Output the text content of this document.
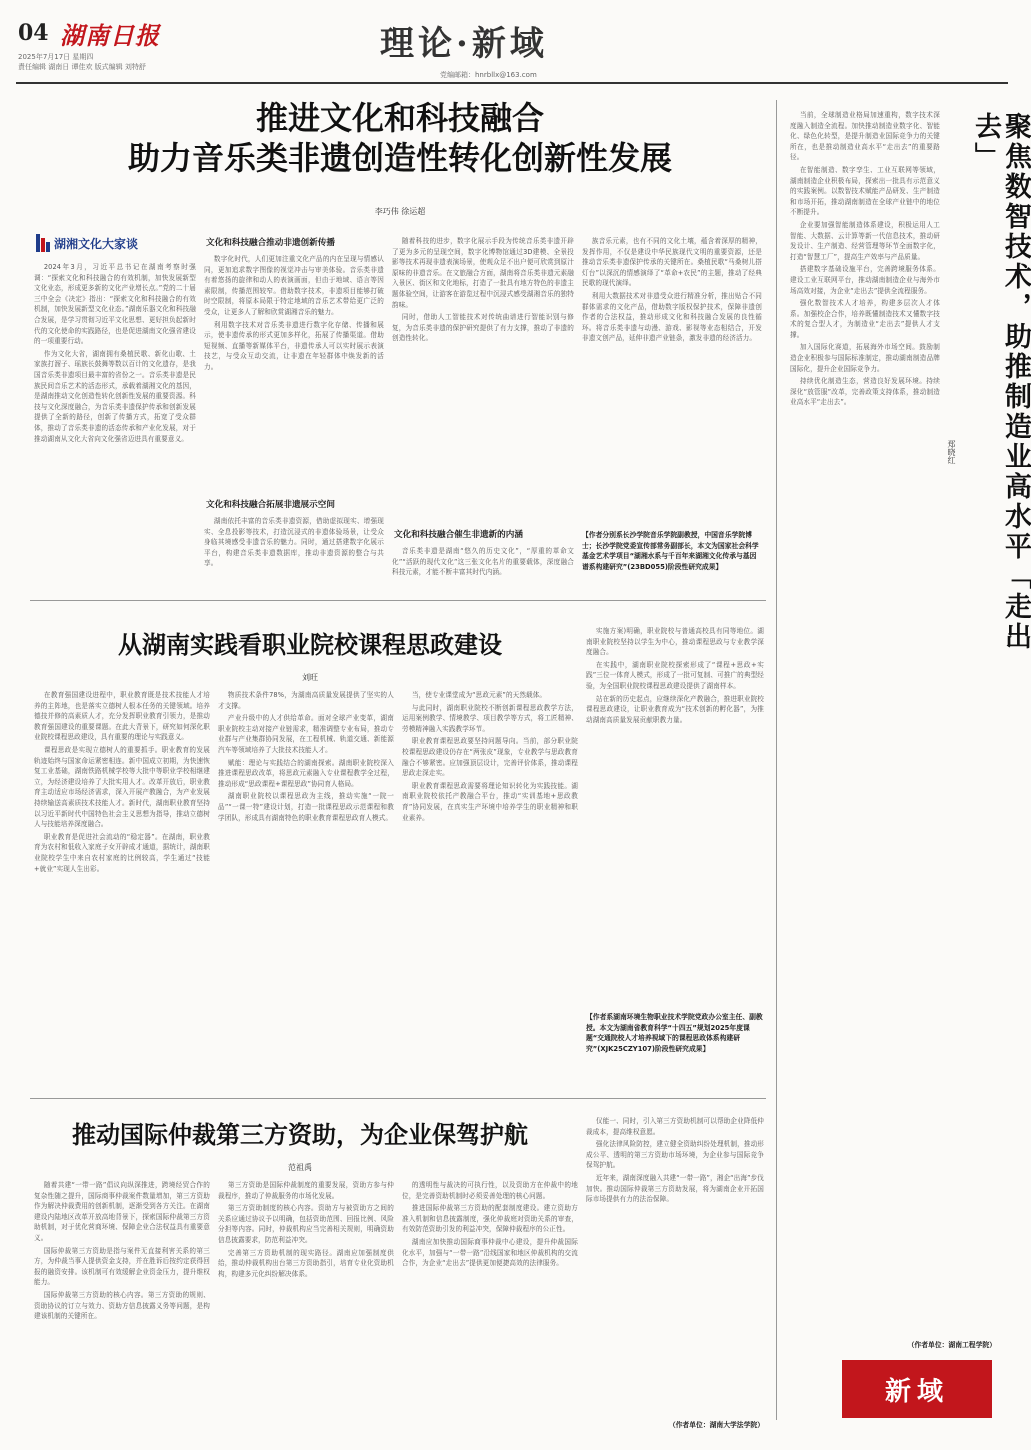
04 湖南日报
2025年7月17日 星期四
責任编辑 湖南日 谭佳欢 版式编辑 刘特舒
理论·新域
党编邮箱：hnrbllx@163.com
推进文化和科技融合
助力音乐类非遗创造性转化创新性发展
李巧伟 徐运超
湖湘文化大家谈

2024年3月，习近平总书记在湖南考察时强调：“探索文化和科技融合的有效机制，加快发展新型文化业态，形成更多新的文化产业增长点。”党的二十届三中全会《决定》指出：“探索文化和科技融合的有效机制，加快发展新型文化业态。”湖南乐器文化和科技融合发展，是学习贯彻习近平文化思想、更好担负起新时代的文化使命的实践路径，也是促进湖南文化强省建设的一项重要行动。

作为文化大省，湖南拥有桑植民歌、新化山歌、土家族打溜子、瑶族长鼓舞等数以百计的文化遗存，是我国音乐类非遗项目最丰富的省份之一。音乐类非遗是民族民间音乐艺术的活态形式，承载着湖湘文化的基因，是湖南推动文化创造性转化创新性发展的重要资源。科技与文化深度融合，为音乐类非遗保护传承和创新发展提供了全新的路径，创新了传播方式，拓宽了受众群体，推动了音乐类非遗的活态传承和产业化发展，对于推动湖南从文化大省向文化强省迈进具有重要意义。

文化和科技融合推动非遗创新传播

数字化时代，人们更加注重文化产品的内在呈现与情感认同，更加追求数字图像的视觉冲击与审美体验。音乐类非遗有着悠扬的旋律和动人的表演画面，但由于地域、语言等因素限制，传播范围较窄。借助数字技术，非遗项目能够打破时空限制，将原本局限于特定地域的音乐艺术带给更广泛的受众，让更多人了解和欣赏湖湘音乐的魅力。

利用数字技术对音乐类非遗进行数字化存储、传播和展示，使非遗传承的形式更加多样化，拓展了传播渠道。借助短视频、直播等新媒体平台，非遗传承人可以实时展示表演技艺，与受众互动交流，让非遗在年轻群体中焕发新的活力。

文化和科技融合拓展非遗展示空间

湖南依托丰富的音乐类非遗资源，借助虚拟现实、增强现实、全息投影等技术，打造沉浸式的非遗体验场景，让受众身临其境感受非遗音乐的魅力。同时，通过搭建数字化展示平台，构建音乐类非遗数据库，推动非遗资源的整合与共享。

随着科技的进步，数字化展示手段为传统音乐类非遗开辟了更为多元的呈现空间，数字化博物馆通过3D建模、全景投影等技术再现非遗表演场景，使观众足不出户便可欣赏到原汁原味的非遗音乐。在文旅融合方面，湖南将音乐类非遗元素融入景区、街区和文化地标，打造了一批具有地方特色的非遗主题体验空间，让游客在游览过程中沉浸式感受湖湘音乐的独特韵味。

同时，借助人工智能技术对传统曲谱进行智能识别与修复，为音乐类非遗的保护研究提供了有力支撑，推动了非遗的创造性转化。

文化和科技融合催生非遗新的内涵

音乐类非遗是湖南“悠久的历史文化”，“厚重的革命文化”“活跃的现代文化”这三张文化名片的重要载体，深度融合科技元素，才能不断丰富其时代内涵。

族音乐元素，也有不同的文化土壤，蕴含着深厚的精神，发挥作用，不仅是建设中华民族现代文明的重要资源，还是推动音乐类非遗保护传承的关键所在。桑植民歌“马桑树儿搭灯台”以深沉的情感演绎了“革命+农民”的主题，推动了经典民歌的现代演绎。

利用大数据技术对非遗受众进行精准分析，推出贴合不同群体需求的文化产品，借助数字版权保护技术，保障非遗创作者的合法权益，推动形成文化和科技融合发展的良性循环。将音乐类非遗与动漫、游戏、影视等业态相结合，开发非遗文创产品，延伸非遗产业链条，激发非遗的经济活力。

【作者分别系长沙学院音乐学院副教授，中国音乐学院博士；长沙学院党委宣传部常务副部长，本文为国家社会科学基金艺术学项目“湖湘水系与千百年来湖湘文化传承与基因谱系构建研究”(23BD055)阶段性研究成果】
从湖南实践看职业院校课程思政建设
刘旺

在教育强国建设进程中，职业教育既是技术技能人才培养的主阵地，也是落实立德树人根本任务的关键领域。培养德技并修的高素质人才，充分发挥职业教育引领力，是推动教育强国建设的重要课题。在此大背景下，研究如何深化职业院校课程思政建设，具有重要的理论与实践意义。

课程思政是实现立德树人的重要抓手。职业教育的发展轨迹始终与国家命运紧密相连。新中国成立初期，为快速恢复工业基础，湖南铁路机械学校等大批中等职业学校相继建立，为经济建设培养了大批实用人才。改革开放后，职业教育主动适应市场经济需求，深入开展产教融合，为产业发展持续输送高素质技术技能人才。新时代，湖南职业教育坚持以习近平新时代中国特色社会主义思想为指导，推动立德树人与技能培养深度融合。

职业教育是促进社会流动的“稳定器”。在湖南，职业教育为农村和低收入家庭子女开辟成才通道，据统计，湖南职业院校学生中来自农村家庭的比例较高，学生通过“技能+就业”实现人生出彩。

物质技术条件78%，为湖南高质量发展提供了坚实的人才支撑。

产业升级中的人才供给革命。面对全球产业变革，湖南职业院校主动对接产业链需求，精准调整专业布局，推动专业群与产业集群协同发展，在工程机械、轨道交通、新能源汽车等领域培养了大批技术技能人才。

赋能：理论与实践结合的湖南探索。湖南职业院校深入推进课程思政改革，将思政元素融入专业课程教学全过程，推动形成“思政课程+课程思政”协同育人格局。

湖南职业院校以课程思政为主线，推动实施“一院一品”“一课一特”建设计划，打造一批课程思政示范课程和教学团队，形成具有湖南特色的职业教育课程思政育人模式。

当，使专业课堂成为“思政元素”的天然载体。

与此同时，湖南职业院校不断创新课程思政教学方法，运用案例教学、情境教学、项目教学等方式，将工匠精神、劳模精神融入实践教学环节。

职业教育课程思政要坚持问题导向。当前，部分职业院校课程思政建设仍存在“两张皮”现象，专业教学与思政教育融合不够紧密。应加强顶层设计，完善评价体系，推动课程思政走深走实。

职业教育课程思政需要将理论知识转化为实践技能。湖南职业院校依托产教融合平台，推动“实训基地+思政教育”协同发展，在真实生产环境中培养学生的职业精神和职业素养。

实施方案)明确，职业院校与普通高校具有同等地位。湖南职业院校坚持以学生为中心，推动课程思政与专业教学深度融合。

在实践中，湖南职业院校探索形成了“课程+思政+实践”三位一体育人模式，形成了一批可复制、可推广的典型经验，为全国职业院校课程思政建设提供了湖南样本。

站在新的历史起点，应继续深化产教融合，推进职业院校课程思政建设，让职业教育成为“技术创新的孵化器”，为推动湖南高质量发展贡献职教力量。

【作者系湖南环境生物职业技术学院党政办公室主任、副教授。本文为湖南省教育科学“十四五”规划2025年度课题“交通院校人才培养视域下的课程思政体系构建研究”(XJK25CZY107)阶段性研究成果】
推动国际仲裁第三方资助，为企业保驾护航
范祖禹

随着共建“一带一路”倡议向纵深推进，跨境经贸合作的复杂性随之提升，国际商事仲裁案件数量增加，第三方资助作为解决仲裁费用的创新机制，逐渐受到各方关注。在湖南建设内陆地区改革开放高地背景下，探索国际仲裁第三方资助机制，对于优化营商环境、保障企业合法权益具有重要意义。

国际仲裁第三方资助是指与案件无直接利害关系的第三方，为仲裁当事人提供资金支持，并在胜诉后按约定获得回报的融资安排。该机制可有效缓解企业资金压力，提升维权能力。

国际仲裁第三方资助的核心内容。第三方资助的规则、资助协议的订立与效力、资助方信息披露义务等问题，是构建该机制的关键所在。

第三方资助是国际仲裁制度的重要发展，资助方参与仲裁程序，推动了仲裁服务的市场化发展。

第三方资助制度的核心内容。资助方与被资助方之间的关系应通过协议予以明确，包括资助范围、回报比例、风险分担等内容。同时，仲裁机构应当完善相关规则，明确资助信息披露要求，防范利益冲突。

完善第三方资助机制的现实路径。湖南应加强制度供给，推动仲裁机构出台第三方资助指引，培育专业化资助机构，构建多元化纠纷解决体系。

的透明性与裁决的可执行性，以及资助方在仲裁中的地位，是完善资助机制时必须妥善处理的核心问题。

推进国际仲裁第三方资助的配套制度建设。建立资助方准入机制和信息披露制度，强化仲裁庭对资助关系的审查，有效防范资助引发的利益冲突，保障仲裁程序的公正性。

湖南应加快推动国际商事仲裁中心建设，提升仲裁国际化水平，加强与“一带一路”沿线国家和地区仲裁机构的交流合作，为企业“走出去”提供更加便捷高效的法律服务。

仅能一、同时，引入第三方资助机制可以帮助企业降低仲裁成本，提高维权意愿。

强化法律风险防控，建立健全资助纠纷处理机制，推动形成公平、透明的第三方资助市场环境，为企业参与国际竞争保驾护航。

近年来，湖南深度融入共建“一带一路”，湘企“出海”步伐加快。推动国际仲裁第三方资助发展，将为湖南企业开拓国际市场提供有力的法治保障。

（作者单位：湖南大学法学院）
聚焦数智技术，助推制造业高水平「走出去」
郑晓红

当前，全球制造业格局加速重构，数字技术深度融入制造全流程。加快推动制造业数字化、智能化、绿色化转型，是提升制造业国际竞争力的关键所在，也是推动制造业高水平“走出去”的重要路径。

在智能制造、数字孪生、工业互联网等领域，湖南制造企业积极布局，探索出一批具有示范意义的实践案例。以数智技术赋能产品研发、生产制造和市场开拓，推动湖南制造在全球产业链中的地位不断提升。

企业要加强智能制造体系建设，积极运用人工智能、大数据、云计算等新一代信息技术，推动研发设计、生产制造、经营管理等环节全面数字化，打造“智慧工厂”，提高生产效率与产品质量。

搭建数字基础设施平台，完善跨境服务体系。建设工业互联网平台，推动湖南制造企业与海外市场高效对接，为企业“走出去”提供全流程服务。

强化数智技术人才培养，构建多层次人才体系。加强校企合作，培养既懂制造技术又懂数字技术的复合型人才，为制造业“走出去”提供人才支撑。

加入国际化赛道，拓展海外市场空间。鼓励制造企业积极参与国际标准制定，推动湖南制造品牌国际化，提升企业国际竞争力。

持续优化制造生态，营造良好发展环境。持续深化“放管服”改革，完善政策支持体系，推动制造业高水平“走出去”。

（作者单位：湖南工程学院）
新域
